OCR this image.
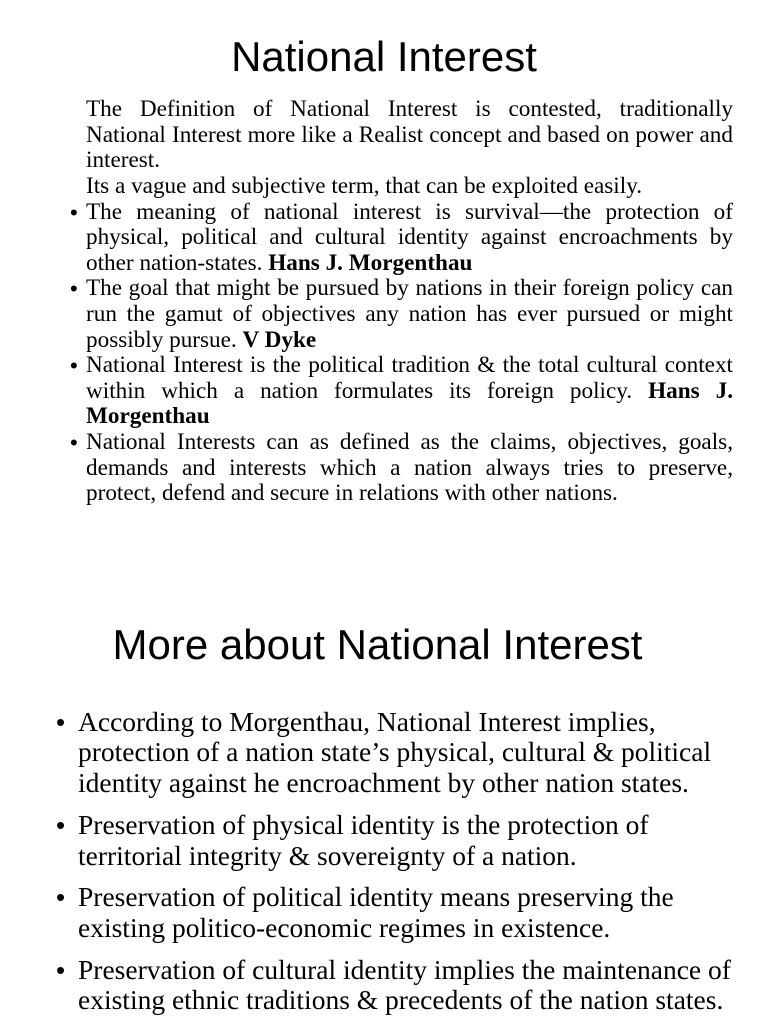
National Interest

The Definition of National Interest is contested, traditionally National Interest more like a Realist concept and based on power and interest.

Its a vague and subjective term, that can be exploited easily.

• The meaning of national interest is survival—the protection of physical, political and cultural identity against encroachments by other nation-states. Hans J. Morgenthau

• The goal that might be pursued by nations in their foreign policy can run the gamut of objectives any nation has ever pursued or might possibly pursue. V Dyke

• National Interest is the political tradition & the total cultural context within which a nation formulates its foreign policy. Hans J. Morgenthau

• National Interests can as defined as the claims, objectives, goals, demands and interests which a nation always tries to preserve, protect, defend and secure in relations with other nations.

More about National Interest

• According to Morgenthau, National Interest implies, protection of a nation state’s physical, cultural & political identity against he encroachment by other nation states.

• Preservation of physical identity is the protection of territorial integrity & sovereignty of a nation.

• Preservation of political identity means preserving the existing politico-economic regimes in existence.

• Preservation of cultural identity implies the maintenance of existing ethnic traditions & precedents of the nation states.
